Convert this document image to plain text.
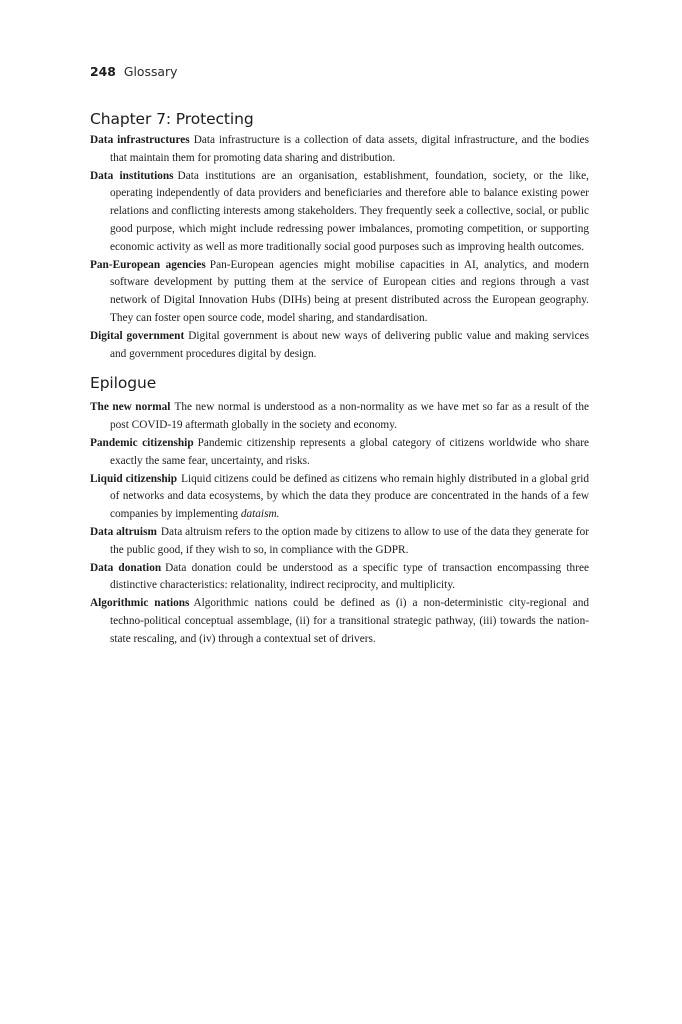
248 Glossary
Chapter 7: Protecting

Data infrastructures Data infrastructure is a collection of data assets, digital infrastructure, and the bodies that maintain them for promoting data sharing and distribution.

Data institutions Data institutions are an organisation, establishment, foundation, society, or the like, operating independently of data providers and beneficiaries and therefore able to balance existing power relations and conflicting interests among stakeholders. They frequently seek a collective, social, or public good purpose, which might include redressing power imbalances, promoting competition, or supporting economic activity as well as more traditionally social good purposes such as improving health outcomes.

Pan-European agencies Pan-European agencies might mobilise capacities in AI, analytics, and modern software development by putting them at the service of European cities and regions through a vast network of Digital Innovation Hubs (DIHs) being at present distributed across the European geography. They can foster open source code, model sharing, and standardisation.

Digital government Digital government is about new ways of delivering public value and making services and government procedures digital by design.

Epilogue

The new normal The new normal is understood as a non-normality as we have met so far as a result of the post COVID-19 aftermath globally in the society and economy.

Pandemic citizenship Pandemic citizenship represents a global category of citizens worldwide who share exactly the same fear, uncertainty, and risks.

Liquid citizenship Liquid citizens could be defined as citizens who remain highly distributed in a global grid of networks and data ecosystems, by which the data they produce are concentrated in the hands of a few companies by implementing dataism.

Data altruism Data altruism refers to the option made by citizens to allow to use of the data they generate for the public good, if they wish to so, in compliance with the GDPR.

Data donation Data donation could be understood as a specific type of transaction encompassing three distinctive characteristics: relationality, indirect reciprocity, and multiplicity.

Algorithmic nations Algorithmic nations could be defined as (i) a non-deterministic city-regional and techno-political conceptual assemblage, (ii) for a transitional strategic pathway, (iii) towards the nation-state rescaling, and (iv) through a contextual set of drivers.
